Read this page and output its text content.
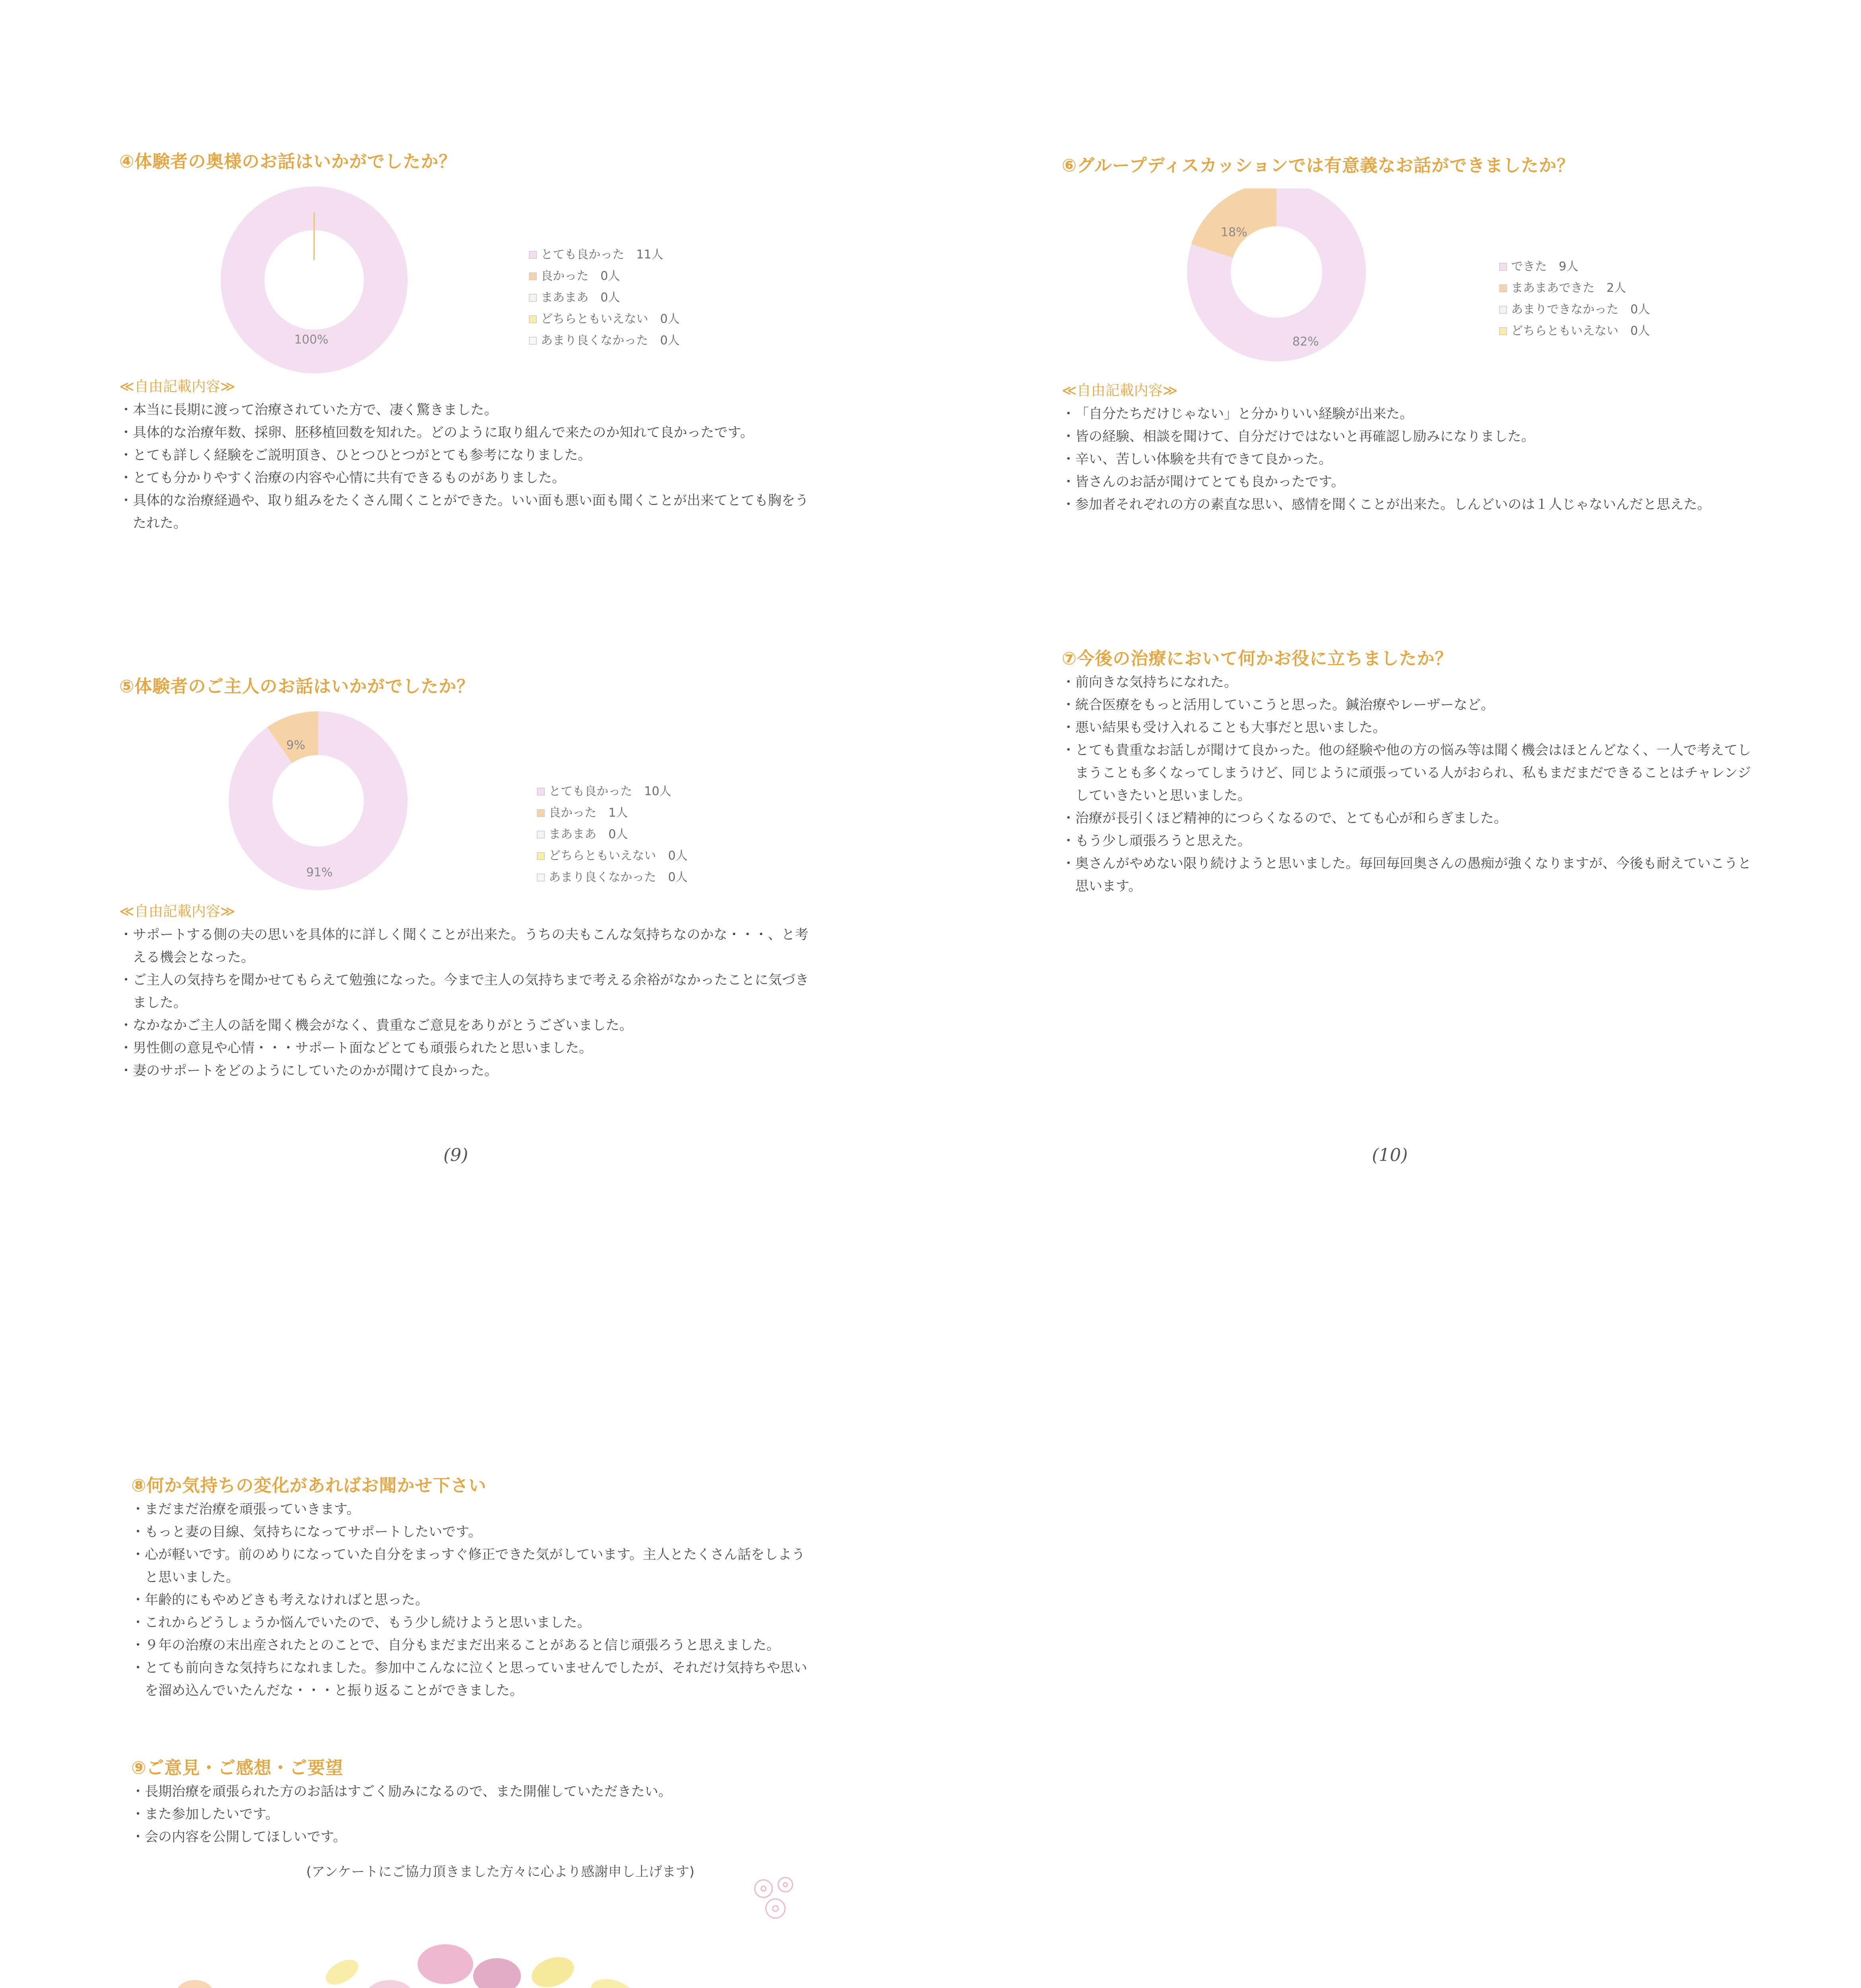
④体験者の奥様のお話はいかがでしたか？
100%
とても良かった　11人
良かった　0人
まあまあ　0人
どちらともいえない　0人
あまり良くなかった　0人
≪自由記載内容≫
・ 本当に長期に渡って治療されていた方で、凄く驚きました。
・ 具体的な治療年数、採卵、胚移植回数を知れた。どのように取り組んで来たのか知れて良かったです。
・ とても詳しく経験をご説明頂き、ひとつひとつがとても参考になりました。
・ とても分かりやすく治療の内容や心情に共有できるものがありました。
・ 具体的な治療経過や、取り組みをたくさん聞くことができた。いい面も悪い面も聞くことが出来てとても胸をうたれた。
⑤体験者のご主人のお話はいかがでしたか？
9%
91%
とても良かった　10人
良かった　1人
まあまあ　0人
どちらともいえない　0人
あまり良くなかった　0人
≪自由記載内容≫
・ サポートする側の夫の思いを具体的に詳しく聞くことが出来た。うちの夫もこんな気持ちなのかな・・・、と考える機会となった。
・ ご主人の気持ちを聞かせてもらえて勉強になった。今まで主人の気持ちまで考える余裕がなかったことに気づきました。
・ なかなかご主人の話を聞く機会がなく、貴重なご意見をありがとうございました。
・ 男性側の意見や心情・・・サポート面などとても頑張られたと思いました。
・ 妻のサポートをどのようにしていたのかが聞けて良かった。
(9)
⑥グループディスカッションでは有意義なお話ができましたか？
18%
82%
できた　9人
まあまあできた　2人
あまりできなかった　0人
どちらともいえない　0人
≪自由記載内容≫
・ 「自分たちだけじゃない」と分かりいい経験が出来た。
・ 皆の経験、相談を聞けて、自分だけではないと再確認し励みになりました。
・ 辛い、苦しい体験を共有できて良かった。
・ 皆さんのお話が聞けてとても良かったです。
・ 参加者それぞれの方の素直な思い、感情を聞くことが出来た。しんどいのは１人じゃないんだと思えた。
⑦今後の治療において何かお役に立ちましたか？
・ 前向きな気持ちになれた。
・ 統合医療をもっと活用していこうと思った。鍼治療やレーザーなど。
・ 悪い結果も受け入れることも大事だと思いました。
・ とても貴重なお話しが聞けて良かった。他の経験や他の方の悩み等は聞く機会はほとんどなく、一人で考えてしまうことも多くなってしまうけど、同じように頑張っている人がおられ、私もまだまだできることはチャレンジしていきたいと思いました。
・ 治療が長引くほど精神的につらくなるので、とても心が和らぎました。
・ もう少し頑張ろうと思えた。
・ 奥さんがやめない限り続けようと思いました。毎回毎回奥さんの愚痴が強くなりますが、今後も耐えていこうと思います。
(10)
⑧何か気持ちの変化があればお聞かせ下さい
・ まだまだ治療を頑張っていきます。
・ もっと妻の目線、気持ちになってサポートしたいです。
・ 心が軽いです。前のめりになっていた自分をまっすぐ修正できた気がしています。主人とたくさん話をしようと思いました。
・ 年齢的にもやめどきも考えなければと思った。
・ これからどうしょうか悩んでいたので、もう少し続けようと思いました。
・ ９年の治療の末出産されたとのことで、自分もまだまだ出来ることがあると信じ頑張ろうと思えました。
・ とても前向きな気持ちになれました。参加中こんなに泣くと思っていませんでしたが、それだけ気持ちや思いを溜め込んでいたんだな・・・と振り返ることができました。
⑨ご意見・ご感想・ご要望
・ 長期治療を頑張られた方のお話はすごく励みになるので、また開催していただきたい。
・ また参加したいです。
・ 会の内容を公開してほしいです。
(アンケートにご協力頂きました方々に心より感謝申し上げます)
